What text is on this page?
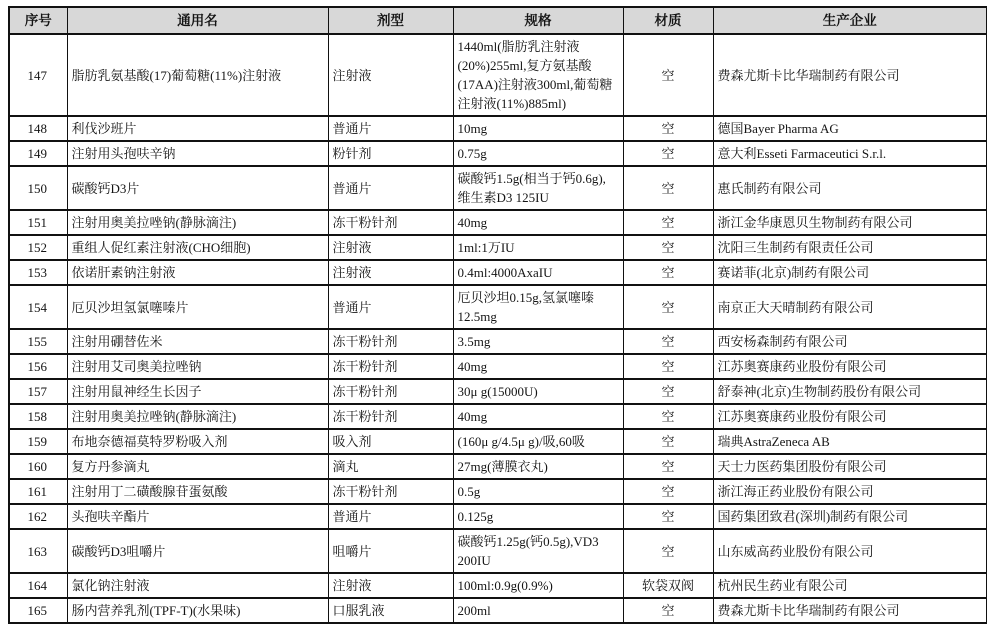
序号	通用名	剂型	规格	材质	生产企业
147	脂肪乳氨基酸(17)葡萄糖(11%)注射液	注射液	1440ml(脂肪乳注射液(20%)255ml,复方氨基酸(17AA)注射液300ml,葡萄糖注射液(11%)885ml)	空	费森尤斯卡比华瑞制药有限公司
148	利伐沙班片	普通片	10mg	空	德国Bayer Pharma AG
149	注射用头孢呋辛钠	粉针剂	0.75g	空	意大利Esseti Farmaceutici S.r.l.
150	碳酸钙D3片	普通片	碳酸钙1.5g(相当于钙0.6g),维生素D3 125IU	空	惠氏制药有限公司
151	注射用奥美拉唑钠(静脉滴注)	冻干粉针剂	40mg	空	浙江金华康恩贝生物制药有限公司
152	重组人促红素注射液(CHO细胞)	注射液	1ml:1万IU	空	沈阳三生制药有限责任公司
153	依诺肝素钠注射液	注射液	0.4ml:4000AxaIU	空	赛诺菲(北京)制药有限公司
154	厄贝沙坦氢氯噻嗪片	普通片	厄贝沙坦0.15g,氢氯噻嗪12.5mg	空	南京正大天晴制药有限公司
155	注射用硼替佐米	冻干粉针剂	3.5mg	空	西安杨森制药有限公司
156	注射用艾司奥美拉唑钠	冻干粉针剂	40mg	空	江苏奥赛康药业股份有限公司
157	注射用鼠神经生长因子	冻干粉针剂	30μ g(15000U)	空	舒泰神(北京)生物制药股份有限公司
158	注射用奥美拉唑钠(静脉滴注)	冻干粉针剂	40mg	空	江苏奥赛康药业股份有限公司
159	布地奈德福莫特罗粉吸入剂	吸入剂	(160μ g/4.5μ g)/吸,60吸	空	瑞典AstraZeneca AB
160	复方丹参滴丸	滴丸	27mg(薄膜衣丸)	空	天士力医药集团股份有限公司
161	注射用丁二磺酸腺苷蛋氨酸	冻干粉针剂	0.5g	空	浙江海正药业股份有限公司
162	头孢呋辛酯片	普通片	0.125g	空	国药集团致君(深圳)制药有限公司
163	碳酸钙D3咀嚼片	咀嚼片	碳酸钙1.25g(钙0.5g),VD3 200IU	空	山东威高药业股份有限公司
164	氯化钠注射液	注射液	100ml:0.9g(0.9%)	软袋双阀	杭州民生药业有限公司
165	肠内营养乳剂(TPF-T)(水果味)	口服乳液	200ml	空	费森尤斯卡比华瑞制药有限公司
